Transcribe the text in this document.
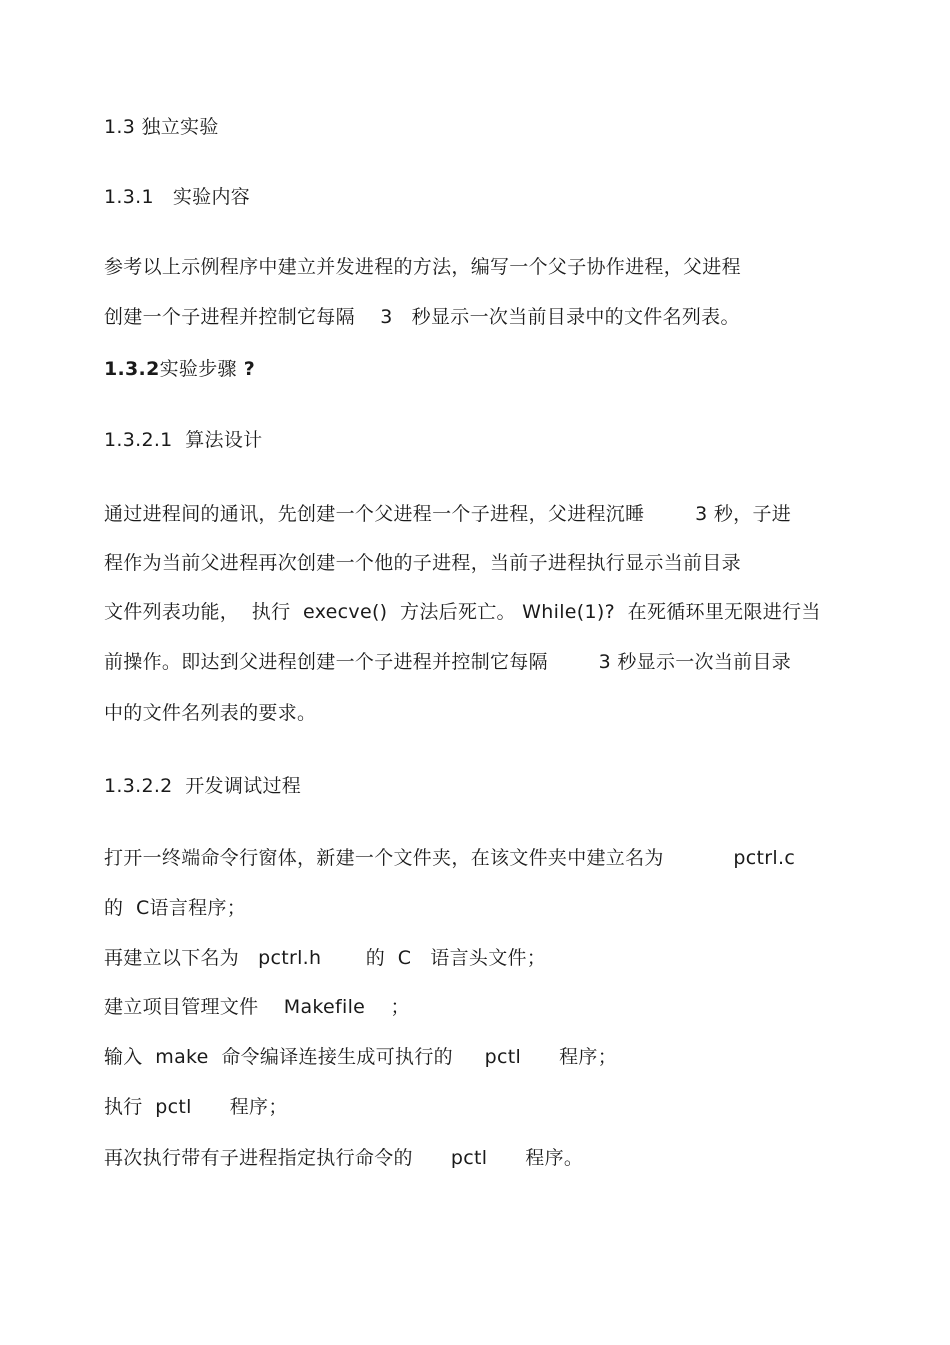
1.3 独立实验
1.3.1   实验内容
参考以上示例程序中建立并发进程的方法，编写一个父子协作进程，父进程
创建一个子进程并控制它每隔    3   秒显示一次当前目录中的文件名列表。
1.3.2实验步骤 ?
1.3.2.1  算法设计
通过进程间的通讯，先创建一个父进程一个子进程，父进程沉睡        3 秒，子进
程作为当前父进程再次创建一个他的子进程，当前子进程执行显示当前目录
文件列表功能，  执行  execve()  方法后死亡。 While(1)?  在死循环里无限进行当
前操作。即达到父进程创建一个子进程并控制它每隔        3 秒显示一次当前目录
中的文件名列表的要求。
1.3.2.2  开发调试过程
打开一终端命令行窗体，新建一个文件夹，在该文件夹中建立名为           pctrl.c
的  C语言程序；
再建立以下名为   pctrl.h       的  C   语言头文件；
建立项目管理文件    Makefile    ；
输入  make  命令编译连接生成可执行的     pctl      程序；
执行  pctl      程序；
再次执行带有子进程指定执行命令的      pctl      程序。
